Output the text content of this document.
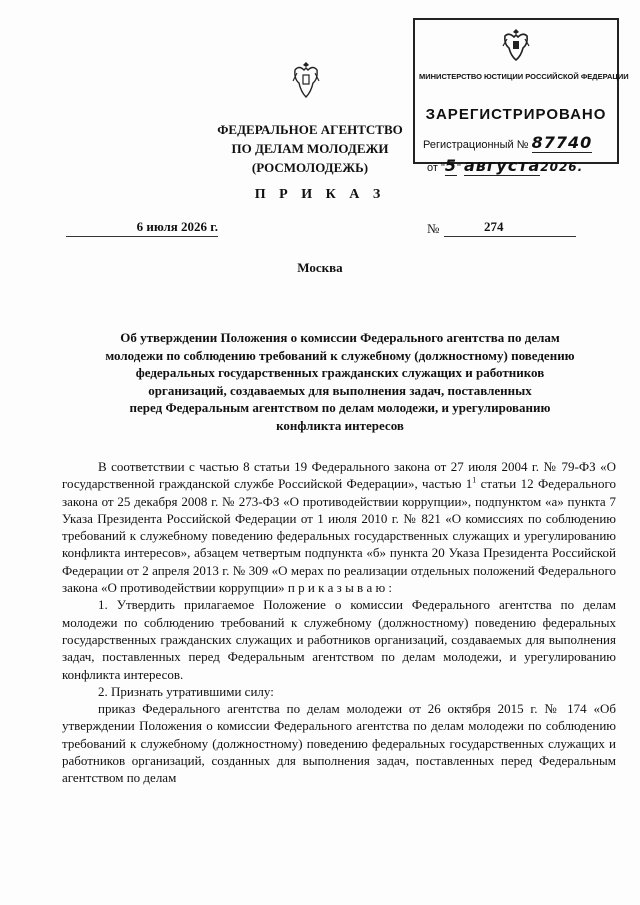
МИНИСТЕРСТВО ЮСТИЦИИ РОССИЙСКОЙ ФЕДЕРАЦИИ
ЗАРЕГИСТРИРОВАНО
Регистрационный № 87740
от "5" августа2026.
ФЕДЕРАЛЬНОЕ АГЕНТСТВО
ПО ДЕЛАМ МОЛОДЕЖИ
(РОСМОЛОДЕЖЬ)
П Р И К А З
6 июля 2026 г.	№	274
Москва
Об утверждении Положения о комиссии Федерального агентства по делам
молодежи по соблюдению требований к служебному (должностному) поведению
федеральных государственных гражданских служащих и работников
организаций, создаваемых для выполнения задач, поставленных
перед Федеральным агентством по делам молодежи, и урегулированию
конфликта интересов

В соответствии с частью 8 статьи 19 Федерального закона от 27 июля 2004 г. № 79-ФЗ «О государственной гражданской службе Российской Федерации», частью $1^1$ статьи 12 Федерального закона от 25 декабря 2008 г. № 273-ФЗ «О противодействии коррупции», подпунктом «а» пункта 7 Указа Президента Российской Федерации от 1 июля 2010 г. № 821 «О комиссиях по соблюдению требований к служебному поведению федеральных государственных служащих и урегулированию конфликта интересов», абзацем четвертым подпункта «б» пункта 20 Указа Президента Российской Федерации от 2 апреля 2013 г. № 309 «О мерах по реализации отдельных положений Федерального закона «О противодействии коррупции» п р и к а з ы в а ю :

1. Утвердить прилагаемое Положение о комиссии Федерального агентства по делам молодежи по соблюдению требований к служебному (должностному) поведению федеральных государственных гражданских служащих и работников организаций, создаваемых для выполнения задач, поставленных перед Федеральным агентством по делам молодежи, и урегулированию конфликта интересов.

2. Признать утратившими силу:

приказ Федерального агентства по делам молодежи от 26 октября 2015 г. № 174 «Об утверждении Положения о комиссии Федерального агентства по делам молодежи по соблюдению требований к служебному (должностному) поведению федеральных государственных служащих и работников организаций, созданных для выполнения задач, поставленных перед Федеральным агентством по делам
